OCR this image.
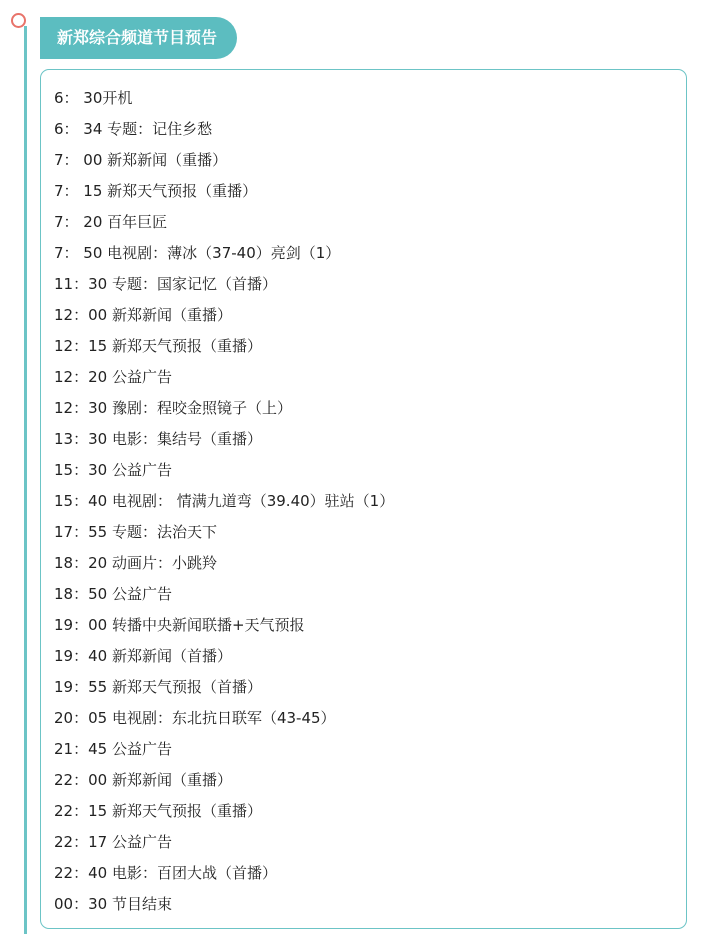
新郑综合频道节目预告
6： 30开机
6： 34 专题：记住乡愁
7： 00 新郑新闻（重播）
7： 15 新郑天气预报（重播）
7： 20 百年巨匠
7： 50 电视剧：薄冰（37-40）亮剑（1）
11：30 专题：国家记忆（首播）
12：00 新郑新闻（重播）
12：15 新郑天气预报（重播）
12：20 公益广告
12：30 豫剧：程咬金照镜子（上）
13：30 电影：集结号（重播）
15：30 公益广告
15：40 电视剧： 情满九道弯（39.40）驻站（1）
17：55 专题：法治天下
18：20 动画片：小跳羚
18：50 公益广告
19：00 转播中央新闻联播+天气预报
19：40 新郑新闻（首播）
19：55 新郑天气预报（首播）
20：05 电视剧：东北抗日联军（43-45）
21：45 公益广告
22：00 新郑新闻（重播）
22：15 新郑天气预报（重播）
22：17 公益广告
22：40 电影：百团大战（首播）
00：30 节目结束
